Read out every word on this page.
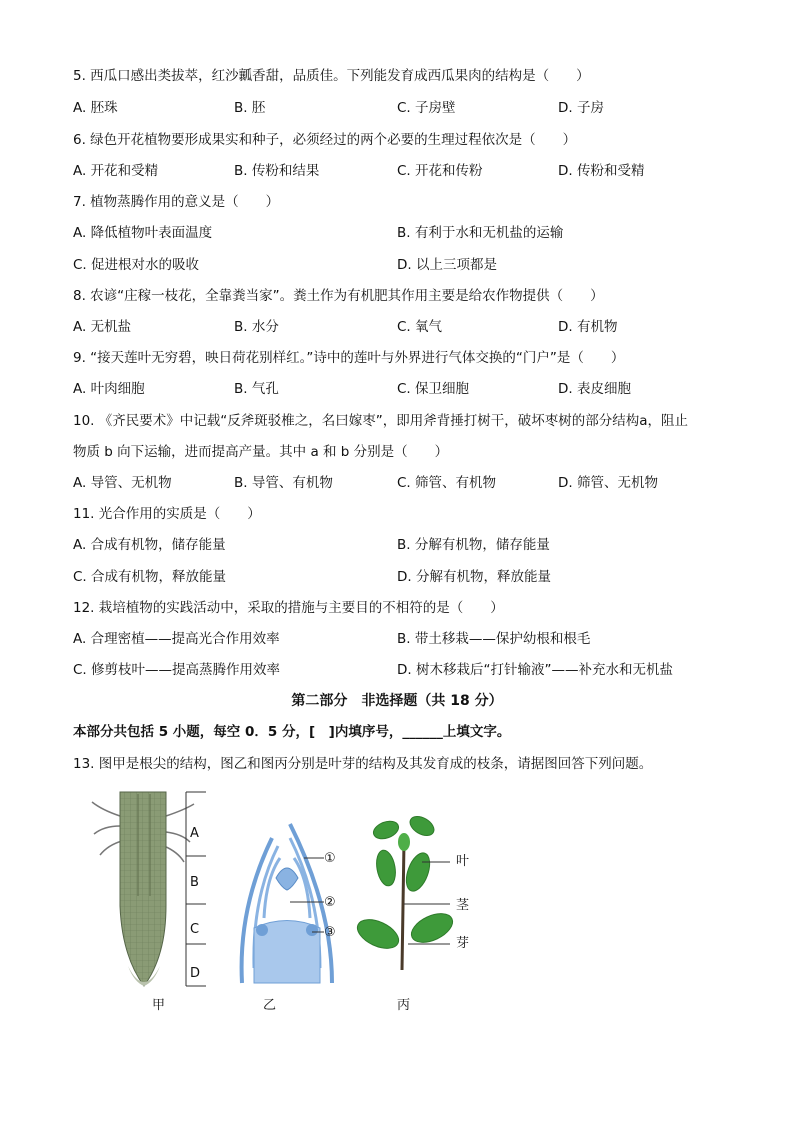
5. 西瓜口感出类拔萃，红沙瓤香甜，品质佳。下列能发育成西瓜果肉的结构是（　　）
A. 胚珠	B. 胚	C. 子房壁	D. 子房
6. 绿色开花植物要形成果实和种子，必须经过的两个必要的生理过程依次是（　　）
A. 开花和受精	B. 传粉和结果	C. 开花和传粉	D. 传粉和受精
7. 植物蒸腾作用的意义是（　　）
A. 降低植物叶表面温度	B. 有利于水和无机盐的运输
C. 促进根对水的吸收	D. 以上三项都是
8. 农谚“庄稼一枝花，全靠粪当家”。粪土作为有机肥其作用主要是给农作物提供（　　）
A. 无机盐	B. 水分	C. 氧气	D. 有机物
9. “接天莲叶无穷碧，映日荷花别样红。”诗中的莲叶与外界进行气体交换的“门户”是（　　）
A. 叶肉细胞	B. 气孔	C. 保卫细胞	D. 表皮细胞
10. 《齐民要术》中记载“反斧斑驳椎之，名曰嫁枣”，即用斧背捶打树干，破坏枣树的部分结构a，阻止
物质 b 向下运输，进而提高产量。其中 a 和 b 分别是（　　）
A. 导管、无机物	B. 导管、有机物	C. 筛管、有机物	D. 筛管、无机物
11. 光合作用的实质是（　　）
A. 合成有机物，储存能量	B. 分解有机物，储存能量
C. 合成有机物，释放能量	D. 分解有机物，释放能量
12. 栽培植物的实践活动中，采取的措施与主要目的不相符的是（　　）
A. 合理密植——提高光合作用效率	B. 带土移栽——保护幼根和根毛
C. 修剪枝叶——提高蒸腾作用效率	D. 树木移栽后“打针输液”——补充水和无机盐
第二部分　非选择题（共 18 分）
本部分共包括 5 小题，每空 0．5 分，[　]内填序号，______上填文字。
13. 图甲是根尖的结构，图乙和图丙分别是叶芽的结构及其发育成的枝条，请据图回答下列问题。
A
B
C
D
甲
①
②
③
乙
叶
茎
芽
丙
